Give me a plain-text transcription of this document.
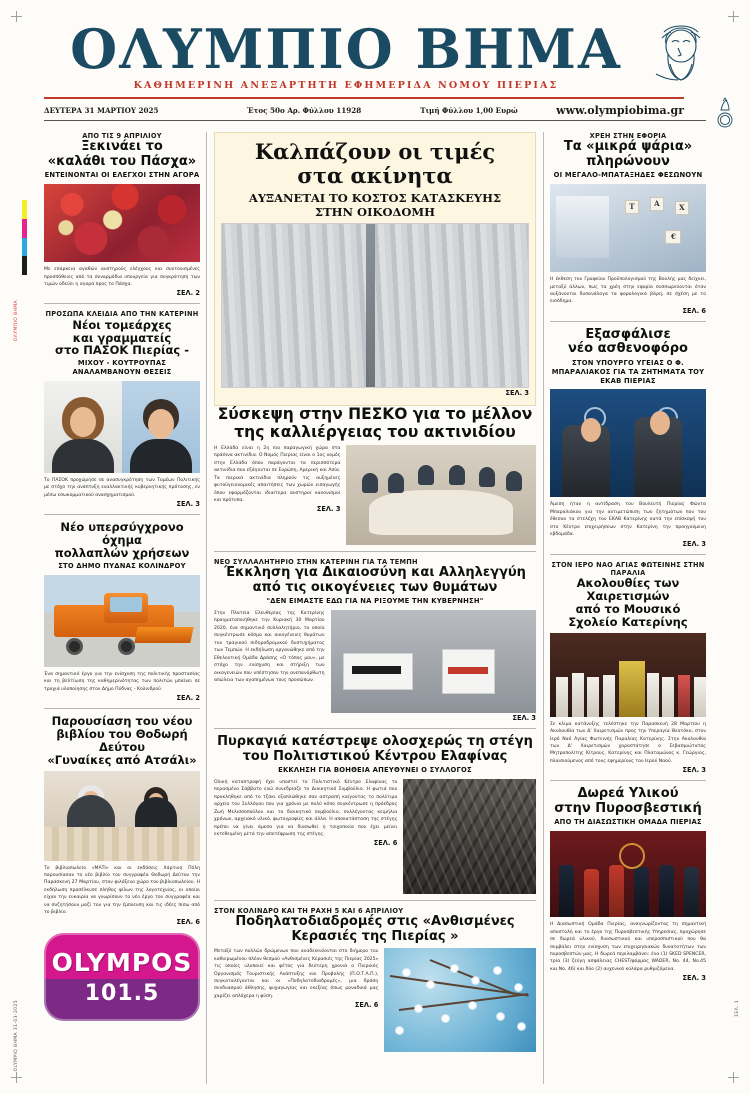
ΟΛΥΜΠΙΟ ΒΗΜΑ
OLYMPIO BHMA 31-03-2025	ΣΕΛ. 1
ΟΛΥΜΠΙΟ ΒΗΜΑ
ΚΑΘΗΜΕΡΙΝΗ ΑΝΕΞΑΡΤΗΤΗ ΕΦΗΜΕΡΙΔΑ ΝΟΜΟΥ ΠΙΕΡΙΑΣ
ΔΕΥΤΕΡΑ 31 ΜΑΡΤΙΟΥ 2025	Έτος 50ο Αρ. Φύλλου 11928	Τιμή Φύλλου 1,00 Ευρώ	www.olympiobima.gr
ΑΠΟ ΤΙΣ 9 ΑΠΡΙΛΙΟΥ
Ξεκινάει το
«καλάθι του Πάσχα»
ΕΝΤΕΙΝΟΝΤΑΙ ΟΙ ΕΛΕΓΧΟΙ ΣΤΗΝ ΑΓΟΡΑ
Με επάρκεια αγαθών αυστηρούς ελέγχους και συντονισμένες προσπάθειες από τα συναρμόδια υπουργεία για συγκράτηση των τιμών οδεύει η αγορά προς το Πάσχα.
ΣΕΛ. 2
ΠΡΟΣΩΠΑ ΚΛΕΙΔΙΑ ΑΠΟ ΤΗΝ ΚΑΤΕΡΙΝΗ
Νέοι τομεάρχες
και γραμματείς
στο ΠΑΣΟΚ Πιερίας -
ΜΙΧΟΥ - ΚΟΥΤΡΟΥΠΑΣ ΑΝΑΛΑΜΒΑΝΟΥΝ ΘΕΣΕΙΣ
Το ΠΑΣΟΚ προχώρησε σε ανασυγκρότηση των Τομέων Πολιτικής με στόχο την ανάπτυξη εναλλακτικής κυβερνητικής πρότασης, εν μέσω εσωκομματικού ανασχηματισμού.
ΣΕΛ. 3
Νέο υπερσύγχρονο όχημα
πολλαπλών χρήσεων
ΣΤΟ ΔΗΜΟ ΠΥΔΝΑΣ ΚΟΛΙΝΔΡΟΥ
Ένα σημαντικό έργο για την ενίσχυση της πολιτικής προστασίας και τη βελτίωση της καθημερινότητας των πολιτών μπαίνει σε τροχιά υλοποίησης στον Δήμο Πύδνας - Κολινδρού.
ΣΕΛ. 2
Παρουσίαση του νέου
βιβλίου του Θοδωρή Δεύτου
«Γυναίκες από Ατσάλι»
Το βιβλιοπωλείο «ΜΑΤΙ» και οι εκδόσεις Χάρτινη Πόλη παρουσίασαν το νέο βιβλίο του συγγραφέα Θοδωρή Δεύτου την Παρασκευή 27 Μαρτίου, στον φιλόξενο χώρο του βιβλιοπωλείου. Η εκδήλωση προσέλκυσε πλήθος φίλων της λογοτεχνίας, οι οποίοι είχαν την ευκαιρία να γνωρίσουν το νέο έργο του συγγραφέα και να συζητήσουν μαζί του για την έμπνευση και τις ιδέες πίσω από το βιβλίο.
ΣΕΛ. 6
OLYMPOS
101.5
Καλπάζουν οι τιμές
στα ακίνητα
ΑΥΞΑΝΕΤΑΙ ΤΟ ΚΟΣΤΟΣ ΚΑΤΑΣΚΕΥΗΣ
ΣΤΗΝ ΟΙΚΟΔΟΜΗ
ΣΕΛ. 3
Σύσκεψη στην ΠΕΣΚΟ για το μέλλον
της καλλιέργειας του ακτινιδίου
Η Ελλάδα είναι η 2η πιο παραγωγική χώρα στα πράσινα ακτινίδια. Ο Νομός Πιερίας είναι ο 1ος νομός στην Ελλάδα όπου παράγονται τα περισσότερα ακτινίδια που εξάγονται σε Ευρώπη, Αμερική και Ασία. Τα πιερικά ακτινίδια πληρούν τις αυξημένες φυτοϋγειονομικές απαιτήσεις των χωρών εισαγωγής όπου εφαρμόζονται ιδιαίτερα αυστηροί κανονισμοί και πρότυπα.
ΣΕΛ. 3
ΝΕΟ ΣΥΛΛΑΛΗΤΗΡΙΟ ΣΤΗΝ ΚΑΤΕΡΙΝΗ ΓΙΑ ΤΑ ΤΕΜΠΗ
Έκκληση για Δικαιοσύνη και Αλληλεγγύη
από τις οικογένειες των θυμάτων
"ΔΕΝ ΕΙΜΑΣΤΕ ΕΔΩ ΓΙΑ ΝΑ ΡΙΞΟΥΜΕ ΤΗΝ ΚΥΒΕΡΝΗΣΗ"
Στην Πλατεία Ελευθερίας της Κατερίνης πραγματοποιήθηκε την Κυριακή 30 Μαρτίου 2020, ένα σημαντικό συλλαλητήριο, το οποίο συγκέντρωσε κόσμο και οικογένειες θυμάτων του τραγικού σιδηροδρομικού δυστυχήματος των Τεμπών. Η εκδήλωση οργανώθηκε από την Εθελοντική Ομάδα Δράσης «Ο τόπος μου», με στόχο την ενίσχυση και στήριξη των οικογενειών που υπέστησαν την ανεπανόρθωτη απώλεια των αγαπημένων τους προσώπων.
ΣΕΛ. 3
Πυρκαγιά κατέστρεψε ολοσχερώς τη στέγη
του Πολιτιστικού Κέντρου Ελαφίνας
ΕΚΚΛΗΣΗ ΓΙΑ ΒΟΗΘΕΙΑ ΑΠΕΥΘΥΝΕΙ Ο ΣΥΛΛΟΓΟΣ
Ολική καταστροφή έχει υποστεί το Πολιτιστικό Κέντρο Ελαφίνας το περασμένο Σάββατο ενώ συνεδρίαζε το Διοικητικό Συμβούλιο. Η φωτιά που προκλήθηκε από το τζάκι εξαπλώθηκε σαν αστραπή καίγοντας το πολύτιμο αρχείο του Συλλόγου που για χρόνια με πολύ κόπο συγκέντρωσε η πρόεδρος Ζωή Μελισσοπούλου και το διοικητικό συμβούλιο, συλλέγοντας κειμήλια χρόνων, αρχειακό υλικό, φωτογραφίες και άλλα. Η αποκατάσταση της στέγης πρέπει να γίνει άμεσα για να διασωθεί η τοιχοποιία που έχει μείνει εκτεθειμένη μετά την αποτέφρωση της στέγης.
ΣΕΛ. 6
ΣΤΟΝ ΚΟΛΙΝΔΡΟ ΚΑΙ ΤΗ ΡΑΧΗ 5 ΚΑΙ 6 ΑΠΡΙΛΙΟΥ
Ποδηλατοδιαδρομές στις «Ανθισμένες
Κερασιές της Πιερίας »
Μεταξύ των πολλών δρώμενων που αναδεικνύονται στο διήμερο του καθιερωμένου πλέον θεσμού «Ανθισμένες Κερασιές της Πιερίας 2025» τις οποίες υλοποιεί και φέτος για δεύτερη χρονιά ο Πιερικός Οργανισμός Τουριστικής Ανάπτυξης και Προβολής (Π.Ο.Τ.Α.Π.), συγκαταλέγονται και οι «Ποδηλατοδιαδρομές», μια δράση συνδυασμού άθλησης, ψυχαγωγίας και εκεξίας όπως μοναδικά μας χαρίζει απλόχερα η φύση.
ΣΕΛ. 6
ΧΡΕΗ ΣΤΗΝ ΕΦΟΡΙΑ
Τα «μικρά ψάρια»
πληρώνουν
ΟΙ ΜΕΓΑΛΟ-ΜΠΑΤΑΞΗΔΕΣ ΦΕΣΩΝΟΥΝ
Τ	Α	Χ
€
Η έκθεση του Γραφείου Προϋπολογισμού της Βουλής μας δείχνει, μεταξύ άλλων, πως τα χρέη στην εφορία συσσωρεύονται όταν αυξάνονται δυσανάλογα τα φορολογικά βάρη, σε σχέση με το εισόδημα.
ΣΕΛ. 6
Εξασφάλισε
νέο ασθενοφόρο
ΣΤΟΝ ΥΠΟΥΡΓΟ ΥΓΕΙΑΣ Ο Φ. ΜΠΑΡΑΛΙΑΚΟΣ ΓΙΑ ΤΑ ΖΗΤΗΜΑΤΑ ΤΟΥ ΕΚΑΒ ΠΙΕΡΙΑΣ
Άμεση ήταν η αντίδραση του Βουλευτή Πιερίας Φώντα Μπαραλιάκου για την αντιμετώπιση των ζητημάτων που του έθεσαν τα στελέχη του ΕΚΑΒ Κατερίνης κατά την επίσκεψή του στο Κέντρο επιχειρήσεων στην Κατερίνη την προηγούμενη εβδομάδα.
ΣΕΛ. 3
ΣΤΟΝ ΙΕΡΟ ΝΑΟ ΑΓΙΑΣ ΦΩΤΕΙΝΗΣ ΣΤΗΝ ΠΑΡΑΛΙΑ
Ακολουθίες των Χαιρετισμών
από το Μουσικό
Σχολείο Κατερίνης
Σε κλίμα κατάνυξης τελέστηκε την Παρασκευή 28 Μαρτίου η Ακολουθία των Δ' Χαιρετισμών προς την Υπεραγία Θεοτόκο, στον Ιερό Ναό Αγίας Φωτεινής Παραλίας Κατερίνης. Στην Ακολουθία των Δ' Χαιρετισμών χοροστάτησε ο Σεβασμιώτατος Μητροπολίτης Κίτρους, Κατερίνης και Πλαταμώνος κ. Γεώργιος, πλαισιούμενος από τους εφημερίους του Ιερού Ναού.
ΣΕΛ. 3
Δωρεά Υλικού
στην Πυροσβεστική
ΑΠΟ ΤΗ ΔΙΑΣΩΣΤΙΚΗ ΟΜΑΔΑ ΠΙΕΡΙΑΣ
Η Διασωστική Ομάδα Πιερίας, αναγνωρίζοντας τη σημαντική αποστολή και το έργο της Πυροσβεστικής Υπηρεσίας, προχώρησε σε δωρεά υλικού, διασωστικού και υπερασπιστικού που θα συμβάλει στην ενίσχυση των επιχειρησιακών δυνατοτήτων των πυροσβεστών μας. Η δωρεά περιλαμβάνει: ένα (1) SKED SPENCER, τρία (3) ζεύγη ασφάλειας CHEST/φόρμας WADER, No. 44, No.45 και No. 46) και δύο (2) αυχενικά κολάρα ρυθμιζόμενα.
ΣΕΛ. 3
